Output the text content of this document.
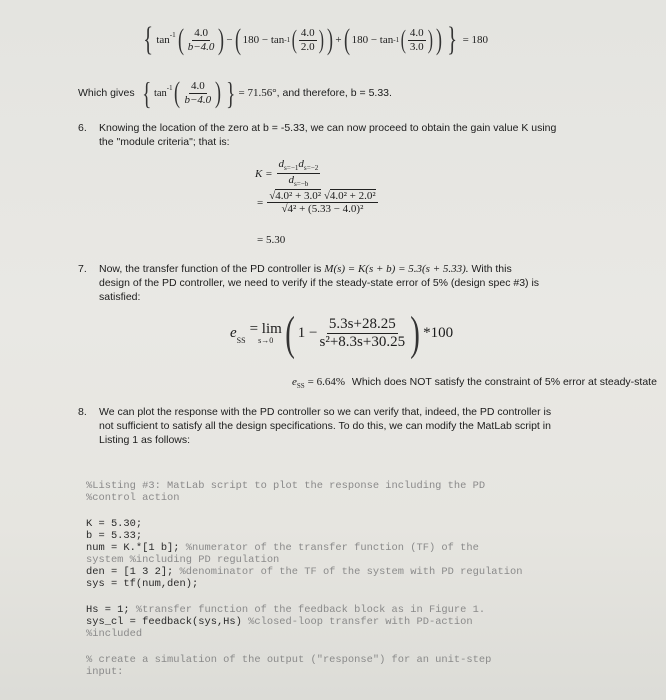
{ $\tan^{-1}$ ( $\frac{4.0}{b-4.0}$ ) − ( 180 − tan -1 ( $\frac{4.0}{2.0}$ ) ) + ( 180 − tan -1 ( $\frac{4.0}{3.0}$ ) ) } = 180
Which gives { $\tan^{-1}$ ( $\frac{4.0}{b-4.0}$ ) } = 71.56° , and therefore, b = 5.33.
6. Knowing the location of the zero at b = -5.33, we can now proceed to obtain the gain value K using
the "module criteria"; that is:
$K = \frac{d_{s=-1}d_{s=-2}}{d_{s=-b}}$
= $\frac{\text{√4.0² + 3.0² √4.0² + 2.0²}}{\text{√4² + (5.33 − 4.0)²}}$
= 5.30
7. Now, the transfer function of the PD controller is M(s) = K(s + b) = 5.3(s + 5.33). With this
design of the PD controller, we need to verify if the steady-state error of 5% (design spec #3) is
satisfied:
$e_{SS}$
= lim
s→0 ( $1 - \frac{5.3s+28.25}{\text{s²+8.3s+30.25}}$ ) *100
$e_{SS} = 6.64\%$ Which does NOT satisfy the constraint of 5% error at steady-state
8. We can plot the response with the PD controller so we can verify that, indeed, the PD controller is
not sufficient to satisfy all the design specifications. To do this, we can modify the MatLab script in
Listing 1 as follows:
%Listing #3: MatLab script to plot the response including the PD
%control action
K = 5.30;
b = 5.33;
num = K.*[1 b]; %numerator of the transfer function (TF) of the
system %including PD regulation
den = [1 3 2]; %denominator of the TF of the system with PD regulation
sys = tf(num,den);
Hs = 1; %transfer function of the feedback block as in Figure 1.
sys_cl = feedback(sys,Hs) %closed-loop transfer with PD-action
%included
% create a simulation of the output ("response") for an unit-step
input:
